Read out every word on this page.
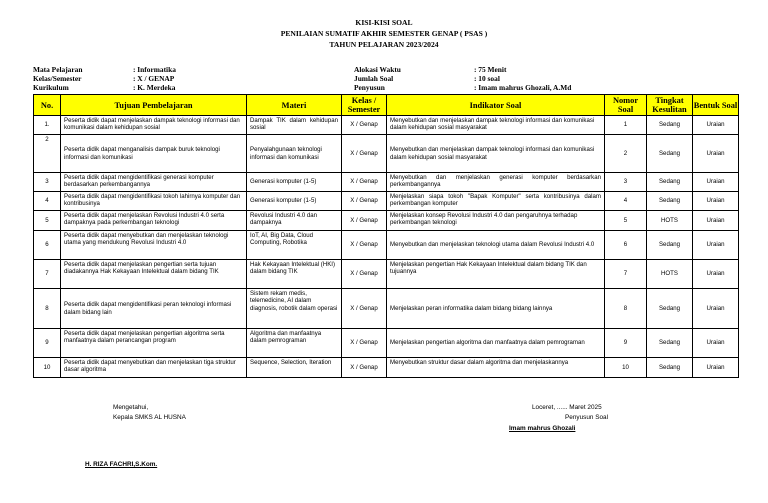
KISI-KISI SOAL
PENILAIAN SUMATIF AKHIR SEMESTER GENAP ( PSAS )
TAHUN PELAJARAN 2023/2024
Mata Pelajaran	: Informatika
Kelas/Semester	: X / GENAP
Kurikulum	: K. Merdeka
Alokasi Waktu	: 75 Menit
Jumlah Soal	: 10 soal
Penyusun	: Imam mahrus Ghozali, A.Md
No.	Tujuan Pembelajaran	Materi	Kelas / Semester	Indikator Soal	Nomor Soal	Tingkat Kesulitan	Bentuk Soal
1.	Peserta didik dapat menjelaskan dampak teknologi informasi dan komunikasi dalam kehidupan sosial	Dampak TIK dalam kehidupan sosial	X / Genap	Menyebutkan dan menjelaskan dampak teknologi informasi dan komunikasi dalam kehidupan sosial masyarakat	1	Sedang	Uraian
2	Peserta didik dapat menganalisis dampak buruk teknologi informasi dan komunikasi	Penyalahgunaan teknologi informasi dan komunikasi	X / Genap	Menyebutkan dan menjelaskan dampak teknologi informasi dan komunikasi dalam kehidupan sosial masyarakat	2	Sedang	Uraian
3	Peserta didik dapat mengidentifikasi generasi komputer berdasarkan perkembangannya	Generasi komputer (1-5)	X / Genap	Menyebutkan dan menjelaskan generasi komputer berdasarkan perkembangannya	3	Sedang	Uraian
4	Peserta didik dapat mengidentifikasi tokoh lahirnya komputer dan kontribusinya	Generasi komputer (1-5)	X / Genap	Menjelaskan siapa tokoh "Bapak Komputer" serta kontribusinya dalam perkembangan komputer	4	Sedang	Uraian
5	Peserta didik dapat menjelaskan Revolusi Industri 4.0 serta dampaknya pada perkembangan teknologi	Revolusi Industri 4.0 dan dampaknya	X / Genap	Menjelaskan konsep Revolusi Industri 4.0 dan pengaruhnya terhadap perkembangan teknologi	5	HOTS	Uraian
6	Peserta didik dapat menyebutkan dan menjelaskan teknologi utama yang mendukung Revolusi Industri 4.0	IoT, AI, Big Data, Cloud Computing, Robotika	X / Genap	Menyebutkan dan menjelaskan teknologi utama dalam Revolusi Industri 4.0	6	Sedang	Uraian
7	Peserta didik dapat menjelaskan pengertian serta tujuan diadakannya Hak Kekayaan Intelektual dalam bidang TIK	Hak Kekayaan Intelektual (HKI) dalam bidang TIK	X / Genap	Menjelaskan pengertian Hak Kekayaan Intelektual dalam bidang TIK dan tujuannya	7	HOTS	Uraian
8	Peserta didik dapat mengidentifikasi peran teknologi informasi dalam bidang lain	Sistem rekam medis, telemedicine, AI dalam diagnosis, robotik dalam operasi	X / Genap	Menjelaskan peran informatika dalam bidang bidang lainnya	8	Sedang	Uraian
9	Peserta didik dapat menjelaskan pengertian algoritma serta manfaatnya dalam perancangan program	Algoritma dan manfaatnya dalam pemrograman	X / Genap	Menjelaskan pengertian algoritma dan manfaatnya dalam pemrograman	9	Sedang	Uraian
10	Peserta didik dapat menyebutkan dan menjelaskan tiga struktur dasar algoritma	Sequence, Selection, Iteration	X / Genap	Menyebutkan struktur dasar dalam algoritma dan menjelaskannya	10	Sedang	Uraian
Mengetahui,
Kepala SMKS AL HUSNA
H. RIZA FACHRI,S.Kom.
Loceret, ...... Maret 2025
Penyusun Soal
Imam mahrus Ghozali
